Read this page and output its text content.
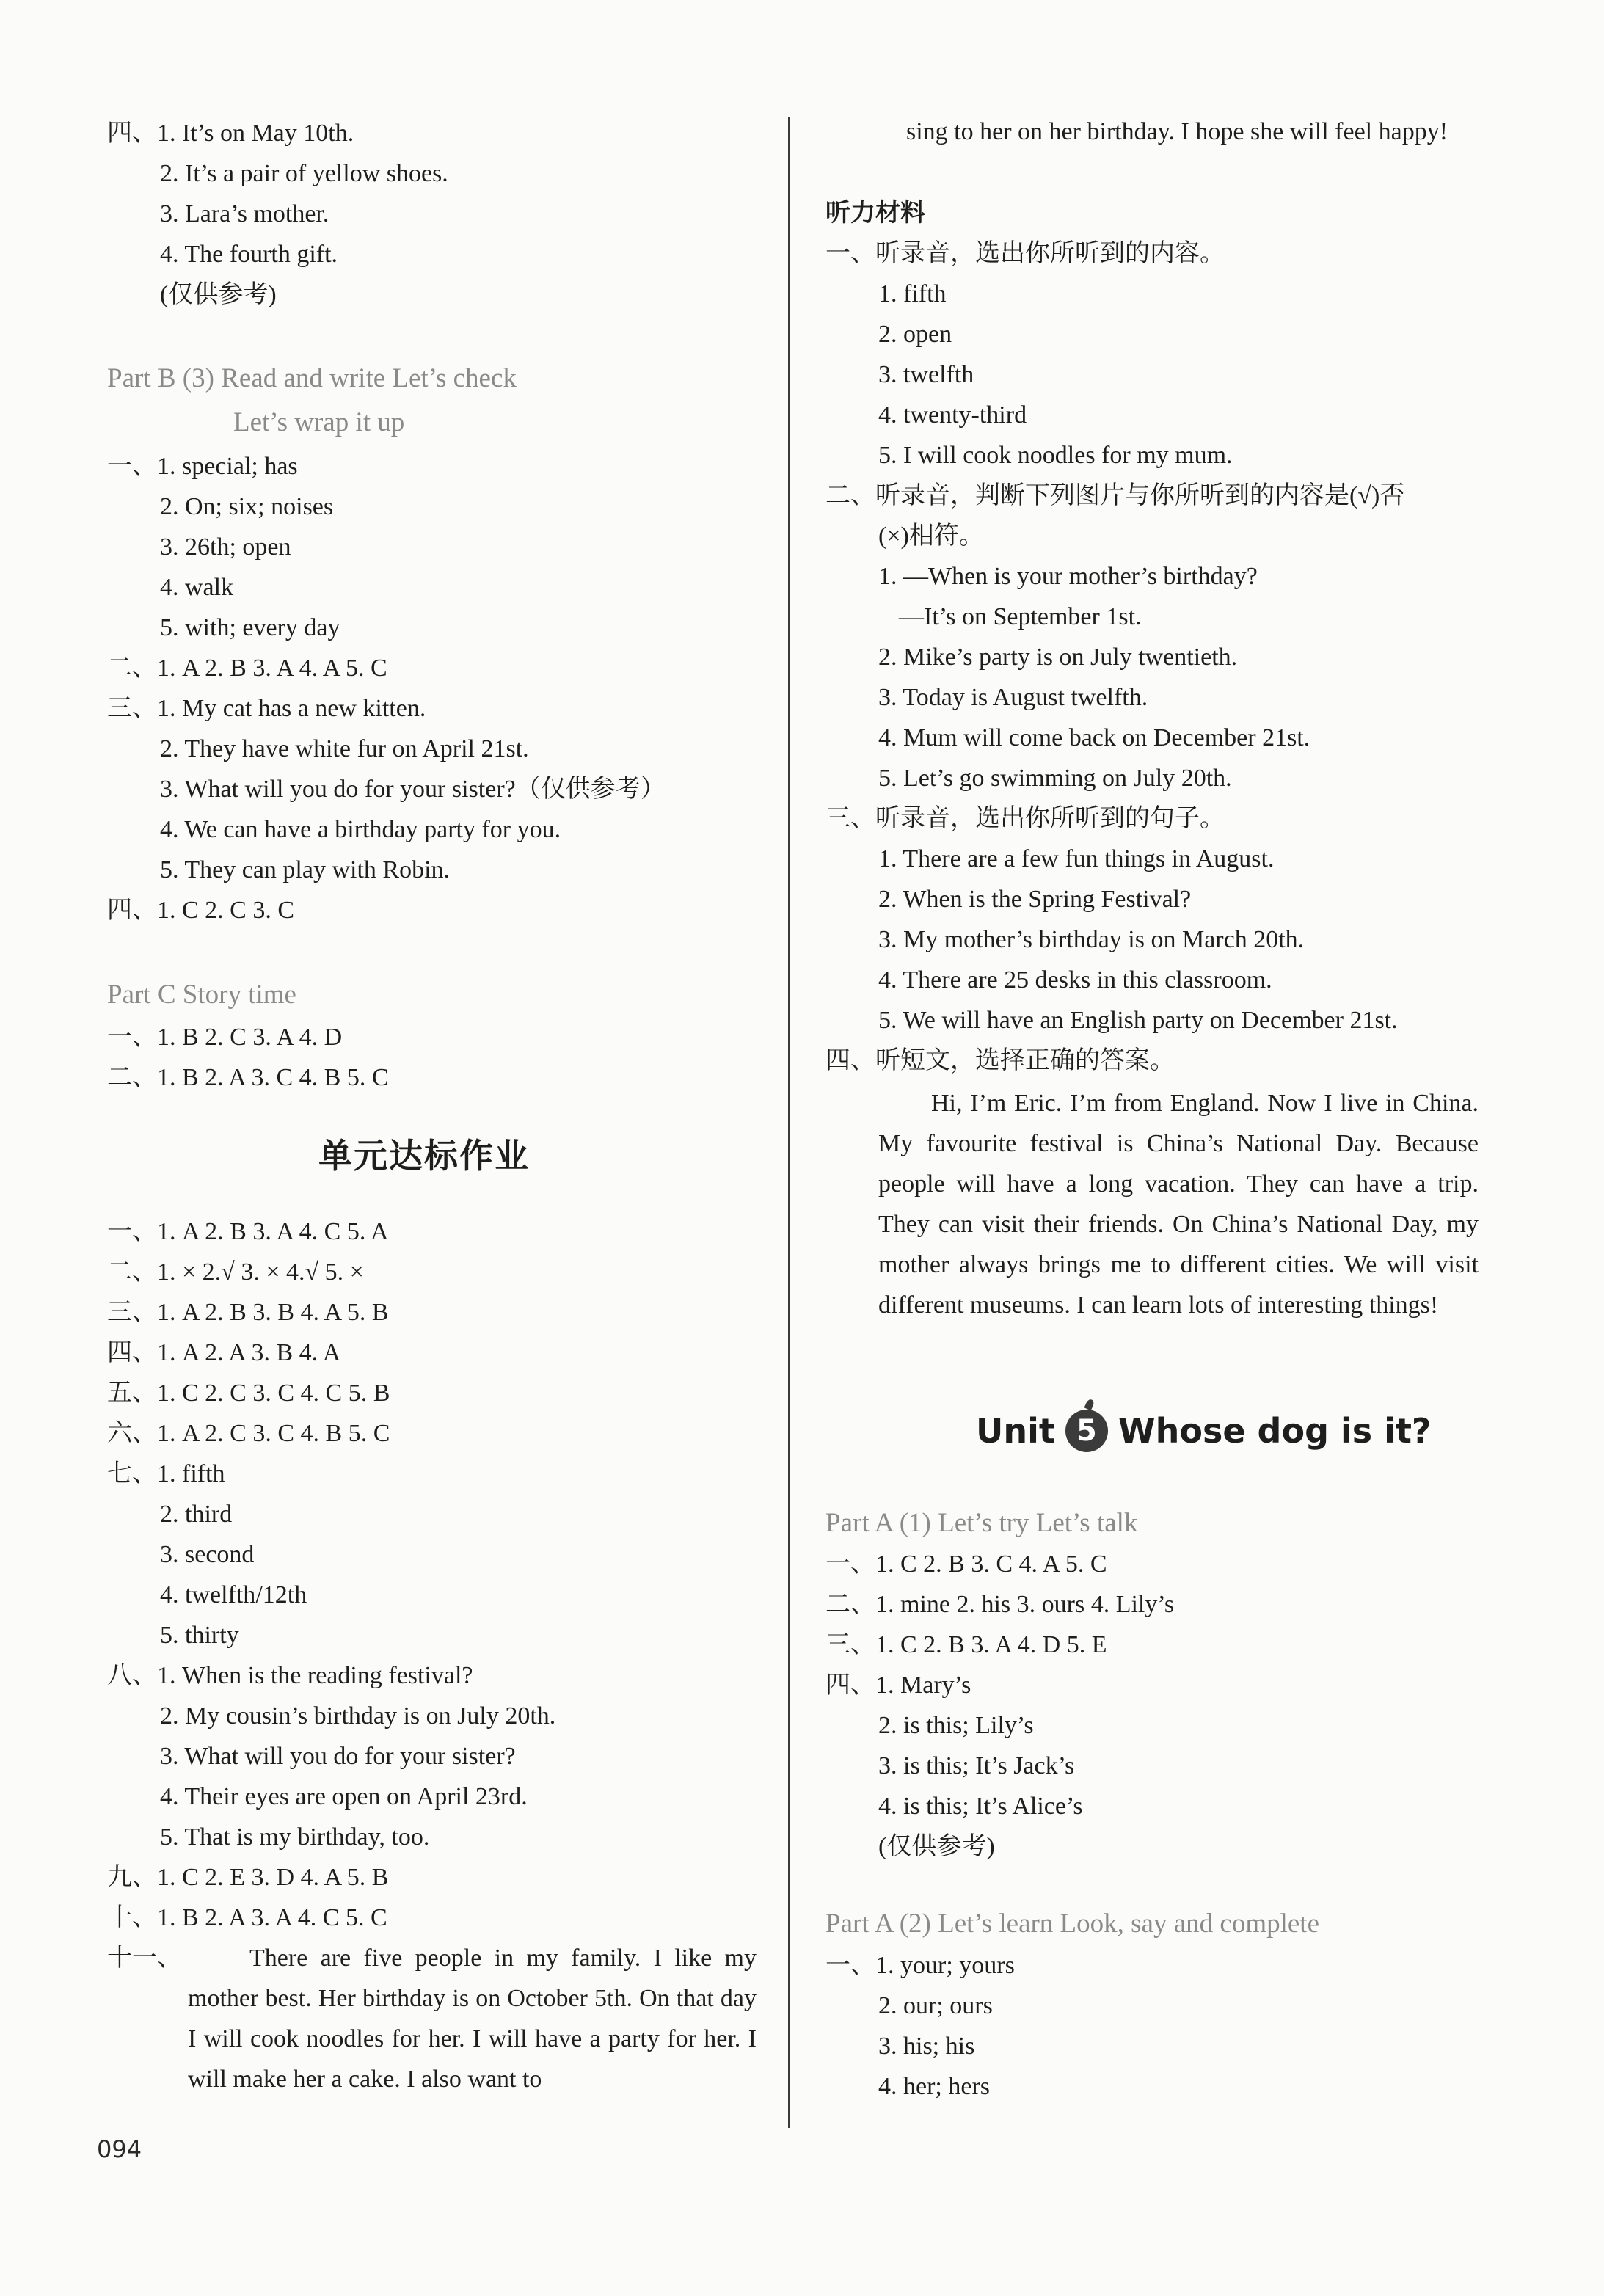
四、1. It’s on May 10th.
2. It’s a pair of yellow shoes.
3. Lara’s mother.
4. The fourth gift.
(仅供参考)
Part B (3) Read and write Let’s check
Let’s wrap it up
一、1. special; has
2. On; six; noises
3. 26th; open
4. walk
5. with; every day
二、1. A 2. B 3. A 4. A 5. C
三、1. My cat has a new kitten.
2. They have white fur on April 21st.
3. What will you do for your sister?（仅供参考）
4. We can have a birthday party for you.
5. They can play with Robin.
四、1. C 2. C 3. C
Part C Story time
一、1. B 2. C 3. A 4. D
二、1. B 2. A 3. C 4. B 5. C
单元达标作业
一、1. A 2. B 3. A 4. C 5. A
二、1. × 2.√ 3. × 4.√ 5. ×
三、1. A 2. B 3. B 4. A 5. B
四、1. A 2. A 3. B 4. A
五、1. C 2. C 3. C 4. C 5. B
六、1. A 2. C 3. C 4. B 5. C
七、1. fifth
2. third
3. second
4. twelfth/12th
5. thirty
八、1. When is the reading festival?
2. My cousin’s birthday is on July 20th.
3. What will you do for your sister?
4. Their eyes are open on April 23rd.
5. That is my birthday, too.
九、1. C 2. E 3. D 4. A 5. B
十、1. B 2. A 3. A 4. C 5. C
十一、	There are five people in my family. I like my mother best. Her birthday is on October 5th. On that day I will cook noodles for her. I will have a party for her. I will make her a cake. I also want to
sing to her on her birthday. I hope she will feel happy!
听力材料
一、听录音，选出你所听到的内容。
1. fifth
2. open
3. twelfth
4. twenty-third
5. I will cook noodles for my mum.
二、听录音，判断下列图片与你所听到的内容是(√)否
(×)相符。
1. —When is your mother’s birthday?
—It’s on September 1st.
2. Mike’s party is on July twentieth.
3. Today is August twelfth.
4. Mum will come back on December 21st.
5. Let’s go swimming on July 20th.
三、听录音，选出你所听到的句子。
1. There are a few fun things in August.
2. When is the Spring Festival?
3. My mother’s birthday is on March 20th.
4. There are 25 desks in this classroom.
5. We will have an English party on December 21st.
四、听短文，选择正确的答案。
Hi, I’m Eric. I’m from England. Now I live in China. My favourite festival is China’s National Day. Because people will have a long vacation. They can have a trip. They can visit their friends. On China’s National Day, my mother always brings me to different cities. We will visit different museums. I can learn lots of interesting things!
Unit 5 Whose dog is it?
Part A (1) Let’s try Let’s talk
一、1. C 2. B 3. C 4. A 5. C
二、1. mine 2. his 3. ours 4. Lily’s
三、1. C 2. B 3. A 4. D 5. E
四、1. Mary’s
2. is this; Lily’s
3. is this; It’s Jack’s
4. is this; It’s Alice’s
(仅供参考)
Part A (2) Let’s learn Look, say and complete
一、1. your; yours
2. our; ours
3. his; his
4. her; hers
094
